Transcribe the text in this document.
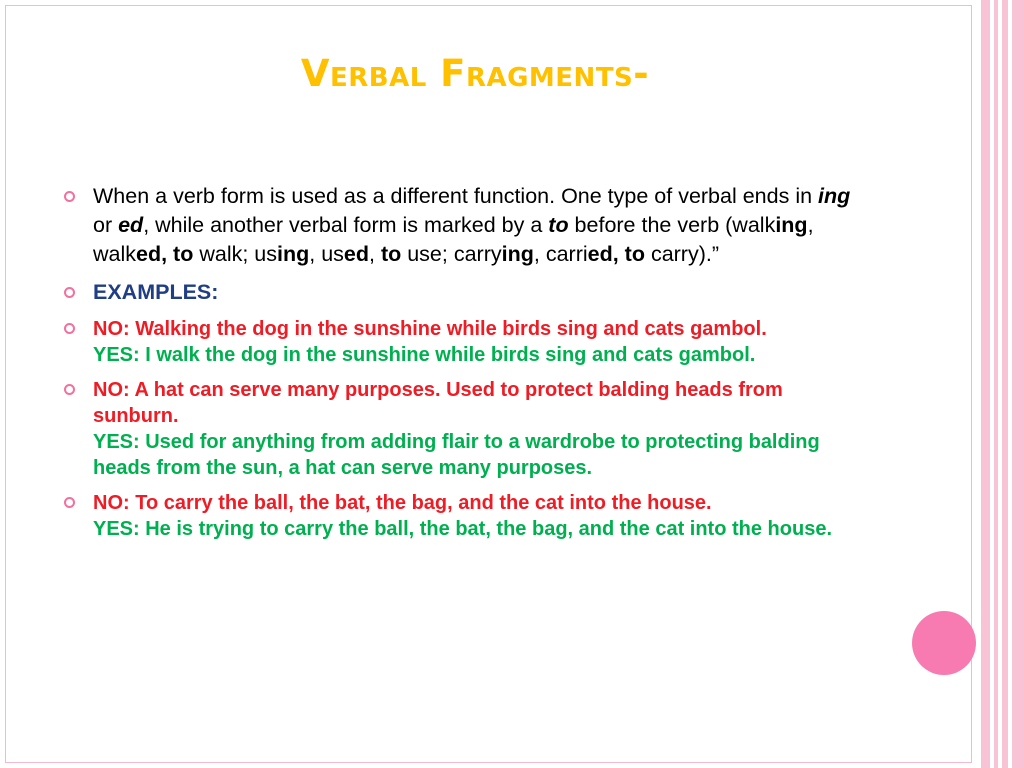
Verbal Fragments-

When a verb form is used as a different function. One type of verbal ends in ing or ed, while another verbal form is marked by a to before the verb (walking, walked, to walk; using, used, to use; carrying, carried, to carry).”

EXAMPLES:

NO: Walking the dog in the sunshine while birds sing and cats gambol.

YES: I walk the dog in the sunshine while birds sing and cats gambol.

NO: A hat can serve many purposes. Used to protect balding heads from sunburn.

YES: Used for anything from adding flair to a wardrobe to protecting balding heads from the sun, a hat can serve many purposes.

NO: To carry the ball, the bat, the bag, and the cat into the house.

YES: He is trying to carry the ball, the bat, the bag, and the cat into the house.
